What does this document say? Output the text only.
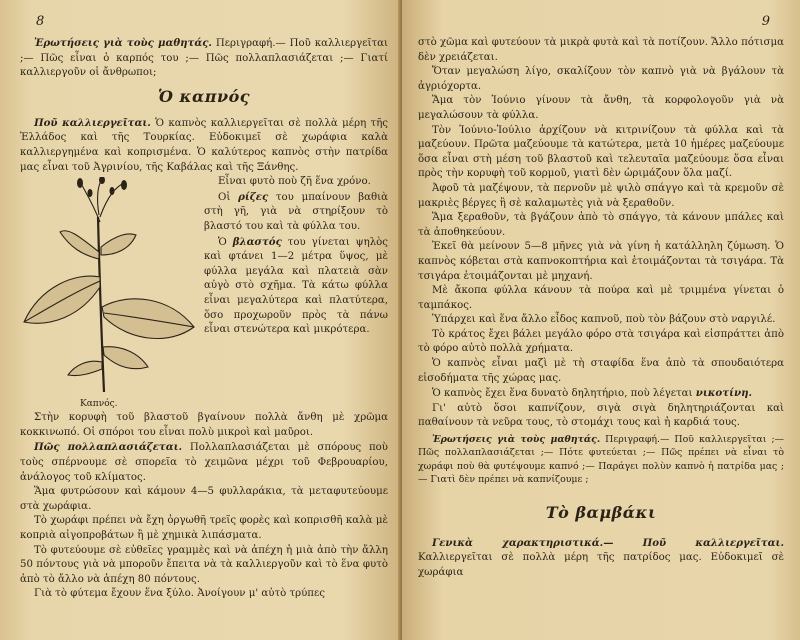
8

Ἐρωτήσεις γιὰ τοὺς μαθητάς. Περιγραφή.— Ποῦ καλλιεργεῖται ;— Πῶς εἶναι ὁ καρπός του ;— Πῶς πολλαπλασιάζεται ;— Γιατί καλλιεργοῦν οἱ ἄνθρωποι;

Ὁ καπνός

Ποῦ καλλιεργεῖται. Ὁ καπνὸς καλλιεργεῖται σὲ πολλὰ μέρη τῆς Ἑλλάδος καὶ τῆς Τουρκίας. Εὐδοκιμεῖ σὲ χωράφια καλὰ καλλιεργημένα καὶ κοπρισμένα. Ὁ καλύτερος καπνὸς στὴν πατρίδα μας εἶναι τοῦ Ἀγρινίου, τῆς Καβάλας καὶ τῆς Ξάνθης.

Καπνός.

Εἶναι φυτὸ ποὺ ζῆ ἕνα χρόνο.

Οἱ ρίζες του μπαίνουν βαθιὰ στὴ γῆ, γιὰ νὰ στηρίξουν τὸ βλαστό του καὶ τὰ φύλλα του.

Ὁ βλαστός του γίνεται ψηλὸς καὶ φτάνει 1—2 μέτρα ὕψος, μὲ φύλλα μεγάλα καὶ πλατειὰ σὰν αὐγὸ στὸ σχῆμα. Τὰ κάτω φύλλα εἶναι μεγαλύτερα καὶ πλατύτερα, ὅσο προχωροῦν πρὸς τὰ πάνω εἶναι στενώτερα καὶ μικρότερα.

Στὴν κορυφὴ τοῦ βλαστοῦ βγαίνουν πολλὰ ἄνθη μὲ χρῶμα κοκκινωπό. Οἱ σπόροι του εἶναι πολὺ μικροὶ καὶ μαῦροι.

Πῶς πολλαπλασιάζεται. Πολλαπλασιάζεται μὲ σπόρους ποὺ τοὺς σπέρνουμε σὲ σπορεῖα τὸ χειμῶνα μέχρι τοῦ Φεβρουαρίου, ἀνάλογος τοῦ κλίματος.

Ἅμα φυτρώσουν καὶ κάμουν 4—5 φυλλαράκια, τὰ μεταφυτεύουμε στὰ χωράφια.

Τὸ χωράφι πρέπει νὰ ἔχη ὀργωθῆ τρεῖς φορὲς καὶ κοπρισθῆ καλὰ μὲ κοπριὰ αἰγοπροβάτων ἢ μὲ χημικὰ λιπάσματα.

Τὸ φυτεύουμε σὲ εὐθεῖες γραμμὲς καὶ νὰ ἀπέχη ἡ μιὰ ἀπὸ τὴν ἄλλη 50 πόντους γιὰ νὰ μποροῦν ἔπειτα νὰ τὰ καλλιεργοῦν καὶ τὸ ἕνα φυτὸ ἀπὸ τὸ ἄλλο νὰ ἀπέχη 80 πόντους.

Γιὰ τὸ φύτεμα ἔχουν ἕνα ξύλο. Ἀνοίγουν μ' αὐτὸ τρύπες

9

στὸ χῶμα καὶ φυτεύουν τὰ μικρὰ φυτὰ καὶ τὰ ποτίζουν. Ἄλλο πότισμα δὲν χρειάζεται.

Ὅταν μεγαλώση λίγο, σκαλίζουν τὸν καπνὸ γιὰ νὰ βγάλουν τὰ ἀγριόχορτα.

Ἅμα τὸν Ἰούνιο γίνουν τὰ ἄνθη, τὰ κορφολογοῦν γιὰ νὰ μεγαλώσουν τὰ φύλλα.

Τὸν Ἰούνιο-Ἰούλιο ἀρχίζουν νὰ κιτρινίζουν τὰ φύλλα καὶ τὰ μαζεύουν. Πρῶτα μαζεύουμε τὰ κατώτερα, μετὰ 10 ἡμέρες μαζεύουμε ὅσα εἶναι στὴ μέση τοῦ βλαστοῦ καὶ τελευταῖα μαζεύουμε ὅσα εἶναι πρὸς τὴν κορυφὴ τοῦ κορμοῦ, γιατὶ δὲν ὡριμάζουν ὅλα μαζί.

Ἀφοῦ τὰ μαζέψουν, τὰ περνοῦν μὲ ψιλὸ σπάγγο καὶ τὰ κρεμοῦν σὲ μακριὲς βέργες ἢ σὲ καλαμωτὲς γιὰ νὰ ξεραθοῦν.

Ἅμα ξεραθοῦν, τὰ βγάζουν ἀπὸ τὸ σπάγγο, τὰ κάνουν μπάλες καὶ τὰ ἀποθηκεύουν.

Ἐκεῖ θὰ μείνουν 5—8 μῆνες γιὰ νὰ γίνη ἡ κατάλληλη ζύμωση. Ὁ καπνὸς κόβεται στὰ καπνοκοπτήρια καὶ ἑτοιμάζονται τὰ τσιγάρα. Τὰ τσιγάρα ἑτοιμάζονται μὲ μηχανή.

Μὲ ἄκοπα φύλλα κάνουν τὰ πούρα καὶ μὲ τριμμένα γίνεται ὁ ταμπάκος.

Ὑπάρχει καὶ ἕνα ἄλλο εἶδος καπνοῦ, ποὺ τὸν βάζουν στὸ ναργιλέ.

Τὸ κράτος ἔχει βάλει μεγάλο φόρο στὰ τσιγάρα καὶ εἰσπράττει ἀπὸ τὸ φόρο αὐτὸ πολλὰ χρήματα.

Ὁ καπνὸς εἶναι μαζὶ μὲ τὴ σταφίδα ἕνα ἀπὸ τὰ σπουδαιότερα εἰσοδήματα τῆς χώρας μας.

Ὁ καπνὸς ἔχει ἕνα δυνατὸ δηλητήριο, ποὺ λέγεται νικοτίνη.

Γι' αὐτὸ ὅσοι καπνίζουν, σιγὰ σιγὰ δηλητηριάζονται καὶ παθαίνουν τὰ νεῦρα τους, τὸ στομάχι τους καὶ ἡ καρδιά τους.

Ἐρωτήσεις γιὰ τοὺς μαθητάς. Περιγραφή.— Ποῦ καλλιεργεῖται ;— Πῶς πολλαπλασιάζεται ;— Πότε φυτεύεται ;— Πῶς πρέπει νὰ εἶναι τὸ χωράφι ποὺ θὰ φυτέψουμε καπνό ;— Παράγει πολὺν καπνὸ ἡ πατρίδα μας ;— Γιατὶ δὲν πρέπει νὰ καπνίζουμε ;

Τὸ βαμβάκι

Γενικὰ χαρακτηριστικά.— Ποῦ καλλιεργεῖται. Καλλιεργεῖται σὲ πολλὰ μέρη τῆς πατρίδος μας. Εὐδοκιμεῖ σὲ χωράφια
